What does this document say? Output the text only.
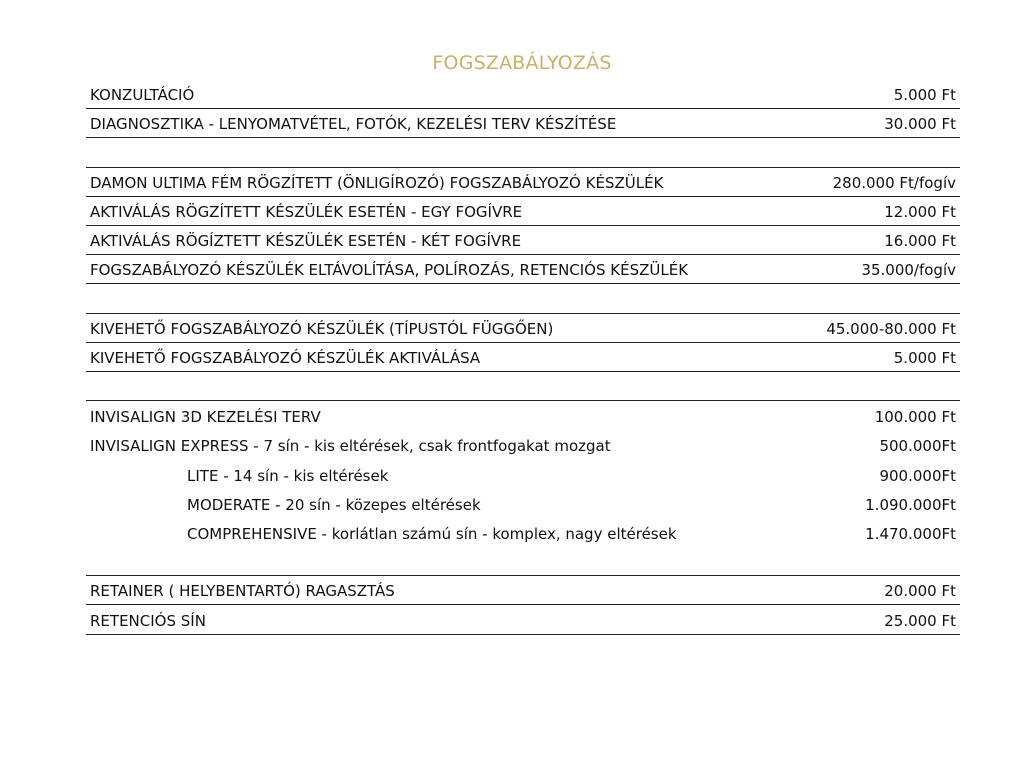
FOGSZABÁLYOZÁS
KONZULTÁCIÓ	5.000 Ft
DIAGNOSZTIKA - LENYOMATVÉTEL, FOTÓK, KEZELÉSI TERV KÉSZÍTÉSE	30.000 Ft
DAMON ULTIMA FÉM RÖGZÍTETT (ÖNLIGÍROZÓ) FOGSZABÁLYOZÓ KÉSZÜLÉK	280.000 Ft/fogív
AKTIVÁLÁS RÖGZÍTETT KÉSZÜLÉK ESETÉN - EGY FOGÍVRE	12.000 Ft
AKTIVÁLÁS RÖGÍZTETT KÉSZÜLÉK ESETÉN - KÉT FOGÍVRE	16.000 Ft
FOGSZABÁLYOZÓ KÉSZÜLÉK ELTÁVOLÍTÁSA, POLÍROZÁS, RETENCIÓS KÉSZÜLÉK	35.000/fogív
KIVEHETŐ FOGSZABÁLYOZÓ KÉSZÜLÉK (TÍPUSTÓL FÜGGŐEN)	45.000-80.000 Ft
KIVEHETŐ FOGSZABÁLYOZÓ KÉSZÜLÉK AKTIVÁLÁSA	5.000 Ft
INVISALIGN 3D KEZELÉSI TERV	100.000 Ft
INVISALIGN EXPRESS - 7 sín - kis eltérések, csak frontfogakat mozgat	500.000Ft
LITE - 14 sín - kis eltérések	900.000Ft
MODERATE - 20 sín - közepes eltérések	1.090.000Ft
COMPREHENSIVE - korlátlan számú sín - komplex, nagy eltérések	1.470.000Ft
RETAINER ( HELYBENTARTÓ) RAGASZTÁS	20.000 Ft
RETENCIÓS SÍN	25.000 Ft
